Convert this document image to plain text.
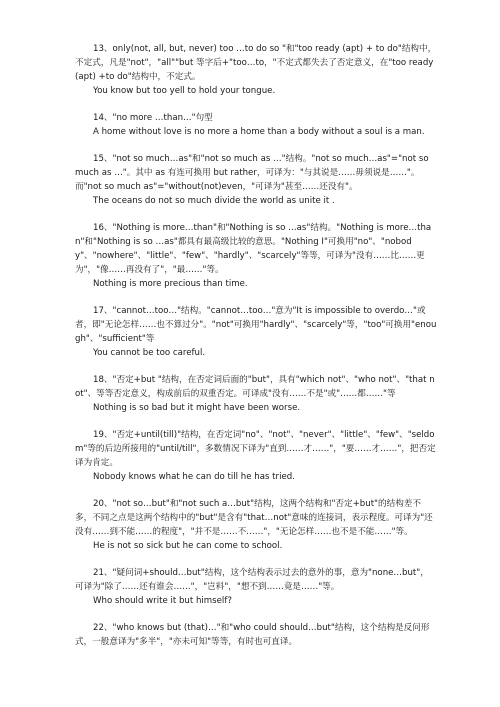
13、only(not, all, but, never) too …to do so "和"too ready (apt) + to do"结构中，不定式，凡是"not"，"all""but 等字后+"too…to，"不定式都失去了否定意义，在"too ready(apt) +to do"结构中，不定式。

You know but too yell to hold your tongue.

14、"no more …than…"句型

A home without love is no more a home than a body without a soul is a man.

15、"not so much…as"和"not so much as …"结构。"not so much…as"="not so much as …"。其中 as 有连可换用 but rather，可译为："与其说是……毋须说是……"。而"not so much as"="without(not)even，"可译为"甚至……还没有"。

The oceans do not so much divide the world as unite it .

16、"Nothing is more…than"和"Nothing is so …as"结构。"Nothing is more…than"和"Nothing is so …as"都具有最高级比较的意思。"Nothing I"可换用"no"、"nobody"、"nowhere"、"little"、"few"、"hardly"、"scarcely"等等，可译为"没有……比……更为"，"像……再没有了"，"最……"等。

Nothing is more precious than time.

17、"cannot…too…"结构。"cannot…too…"意为"It is impossible to overdo…"或者，即"无论怎样……也不算过分"。"not"可换用"hardly"、"scarcely"等，"too"可换用"enough"、"sufficient"等

You cannot be too careful.

18、"否定+but "结构，在否定词后面的"but"，具有"which not"、"who not"、"that not"、等等否定意义，构成前后的双重否定。可译成"没有……不是"或"……都……"等

Nothing is so bad but it might have been worse.

19、"否定+until(till)"结构，在否定词"no"、"not"、"never"、"little"、"few"、"seldom"等的后边所接用的"until/till"，多数情况下译为"直到……才……"，"要……才……"，把否定译为肯定。

Nobody knows what he can do till he has tried.

20、"not so…but"和"not such a…but"结构，这两个结构和"否定+but"的结构差不多，不同之点是这两个结构中的"but"是含有"that…not"意味的连接词，表示程度。可译为"还没有……到不能……的程度"，"并不是……不……"，"无论怎样……也不是不能……"等。

He is not so sick but he can come to school.

21、"疑问词+should…but"结构，这个结构表示过去的意外的事，意为"none…but"，可译为"除了……还有谁会……"，"岂料"，"想不到……竟是……"等。

Who should write it but himself?

22、"who knows but (that)…"和"who could should…but"结构，这个结构是反问形式，一般意译为"多半"，"亦未可知"等等，有时也可直译。
